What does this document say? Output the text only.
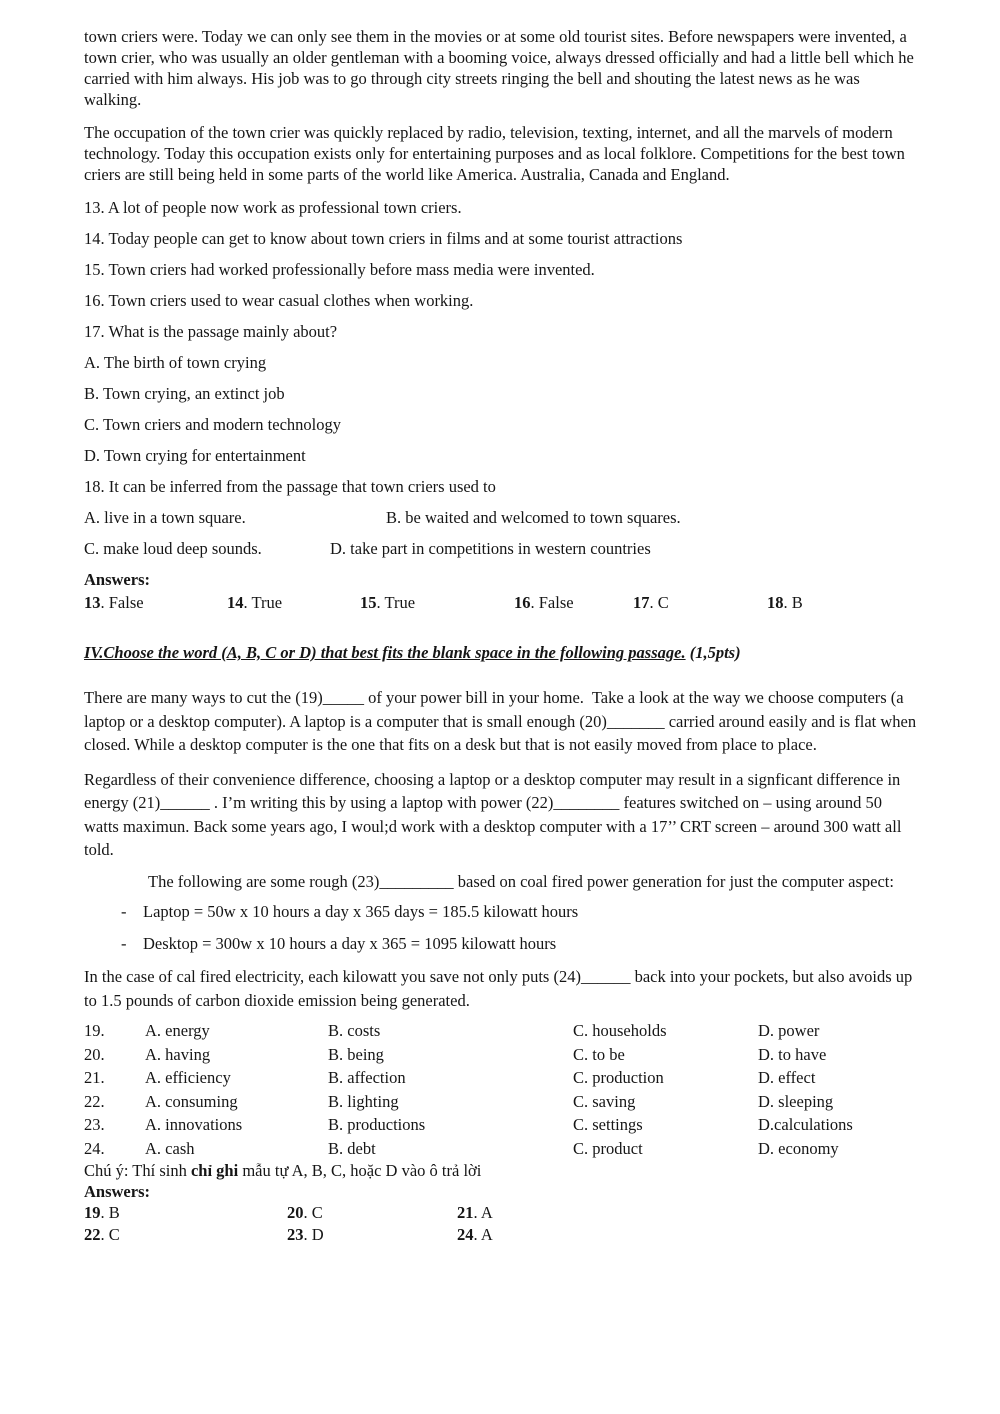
town criers were. Today we can only see them in the movies or at some old tourist sites. Before newspapers were invented, a town crier, who was usually an older gentleman with a booming voice, always dressed officially and had a little bell which he carried with him always. His job was to go through city streets ringing the bell and shouting the latest news as he was walking.

The occupation of the town crier was quickly replaced by radio, television, texting, internet, and all the marvels of modern technology. Today this occupation exists only for entertaining purposes and as local folklore. Competitions for the best town criers are still being held in some parts of the world like America. Australia, Canada and England.

13. A lot of people now work as professional town criers.
14. Today people can get to know about town criers in films and at some tourist attractions
15. Town criers had worked professionally before mass media were invented.
16. Town criers used to wear casual clothes when working.
17. What is the passage mainly about?
A. The birth of town crying
B. Town crying, an extinct job
C. Town criers and modern technology
D. Town crying for entertainment
18. It can be inferred from the passage that town criers used to
A. live in a town square.	B. be waited and welcomed to town squares.
C. make loud deep sounds.	D. take part in competitions in western countries

Answers:

13. False	14. True	15. True	16. False	17. C	18. B

IV.Choose the word (A, B, C or D) that best fits the blank space in the following passage. (1,5pts)

There are many ways to cut the (19)_____ of your power bill in your home.  Take a look at the way we choose computers (a laptop or a desktop computer). A laptop is a computer that is small enough (20)_______ carried around easily and is flat when closed. While a desktop computer is the one that fits on a desk but that is not easily moved from place to place.

Regardless of their convenience difference, choosing a laptop or a desktop computer may result in a signficant difference in energy (21)______ . I’m writing this by using a laptop with power (22)________ features switched on – using around 50 watts maximun. Back some years ago, I woul;d work with a desktop computer with a 17’’ CRT screen – around 300 watt all told.

The following are some rough (23)_________ based on coal fired power generation for just the computer aspect:

- Laptop = 50w x 10 hours a day x 365 days = 185.5 kilowatt hours
- Desktop = 300w x 10 hours a day x 365 = 1095 kilowatt hours

In the case of cal fired electricity, each kilowatt you save not only puts (24)______ back into your pockets, but also avoids up to 1.5 pounds of carbon dioxide emission being generated.

19.	A. energy	B. costs	C. households	D. power
20.	A. having	B. being	C. to be	D. to have
21.	A. efficiency	B. affection	C. production	D. effect
22.	A. consuming	B. lighting	C. saving	D. sleeping
23.	A. innovations	B. productions	C. settings	D.calculations
24.	A. cash	B. debt	C. product	D. economy

Chú ý: Thí sinh chỉ ghi mẫu tự A, B, C, hoặc D vào ô trả lời

Answers:

19. B	20. C	21. A
22. C	23. D	24. A
